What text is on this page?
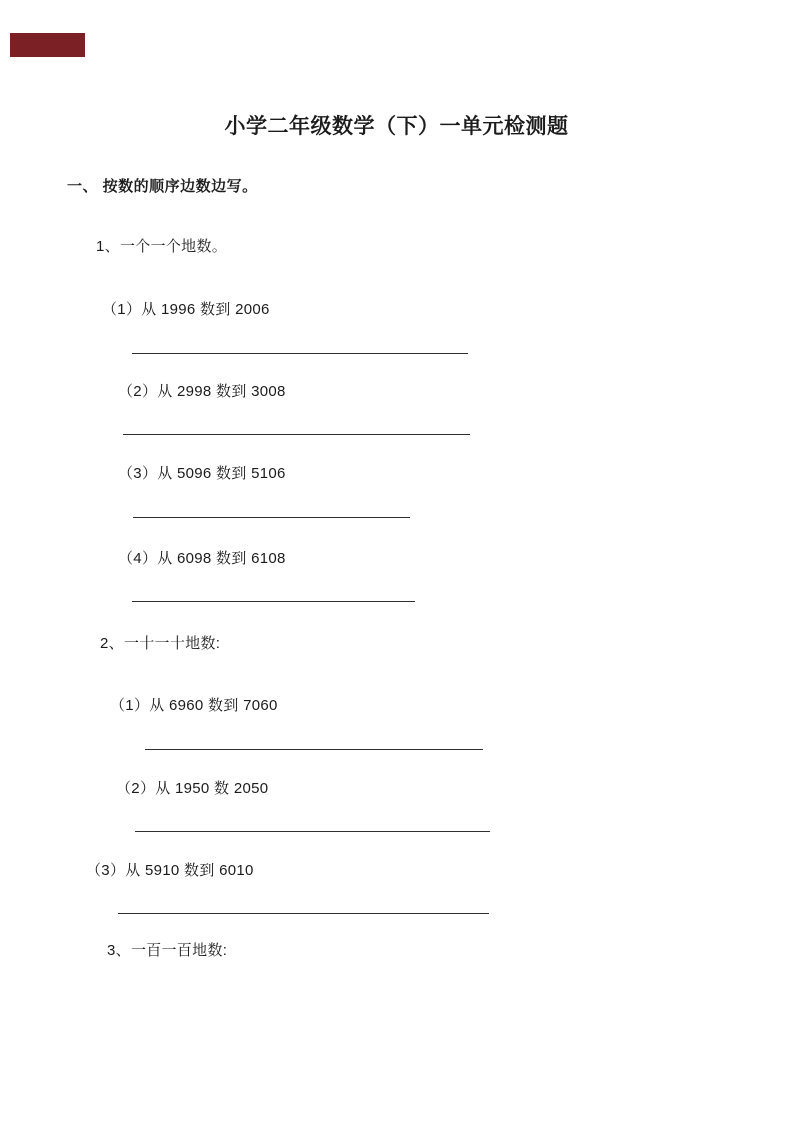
小学二年级数学（下）一单元检测题
一、 按数的顺序边数边写。
1、一个一个地数。
（1）从 1996 数到 2006
（2）从 2998 数到 3008
（3）从 5096 数到 5106
（4）从 6098 数到 6108
2、一十一十地数:
（1）从 6960 数到 7060
（2）从 1950 数 2050
（3）从 5910 数到 6010
3、一百一百地数:
